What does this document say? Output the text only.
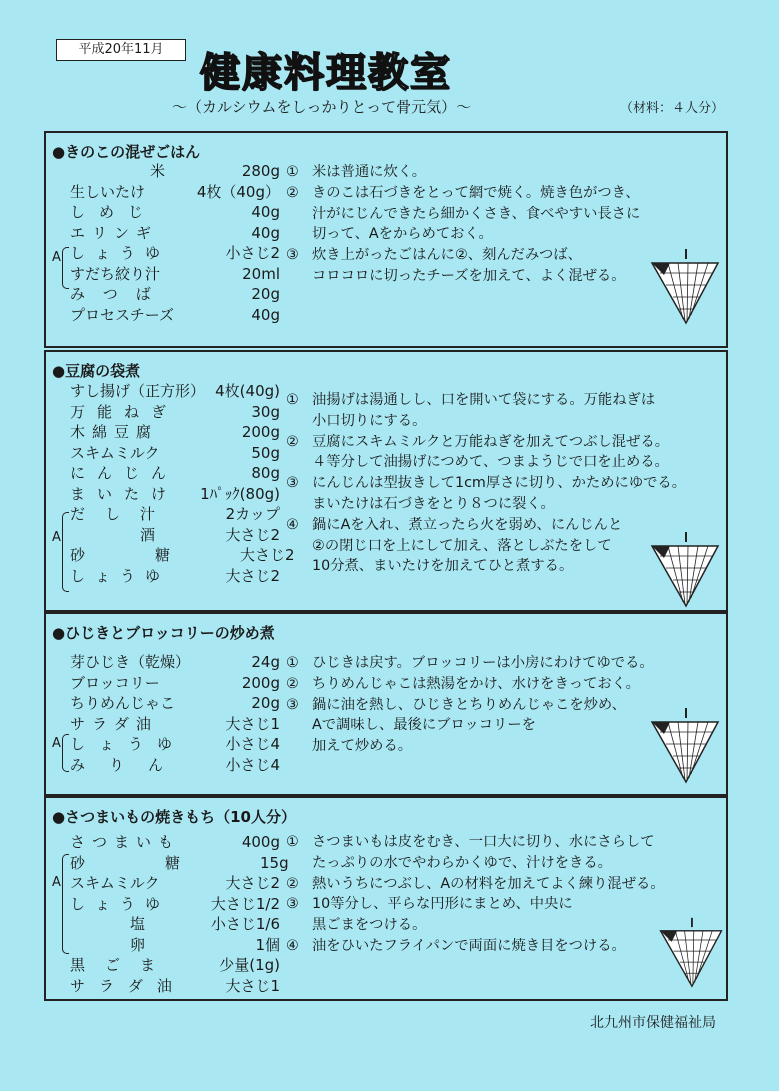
平成20年11月
健康料理教室
～（カルシウムをしっかりとって骨元気）～	（材料：４人分）
●きのこの混ぜごはん
米	280g
生しいたけ	4枚（40g）
しめじ	40g
エリンギ	40g
しょうゆ	小さじ2
すだち絞り汁	20ml
みつば	20g
プロセスチーズ	40g
A
① 米は普通に炊く。
② きのこは石づきをとって網で焼く。焼き色がつき、
汁がにじんできたら細かくさき、食べやすい長さに
切って、Aをからめておく。
③ 炊き上がったごはんに②、刻んだみつば、
コロコロに切ったチーズを加えて、よく混ぜる。
●豆腐の袋煮
すし揚げ（正方形） 4枚(40g)
万能ねぎ	30g
木綿豆腐	200g
スキムミルク	50g
にんじん	80g
まいたけ 1ﾊﾟｯｸ(80g)
だし汁	2カップ
酒	大さじ2
砂糖 大さじ2
しょうゆ	大さじ2
A
① 油揚げは湯通しし、口を開いて袋にする。万能ねぎは
小口切りにする。
② 豆腐にスキムミルクと万能ねぎを加えてつぶし混ぜる。
４等分して油揚げにつめて、つまようじで口を止める。
③ にんじんは型抜きして1cm厚さに切り、かためにゆでる。
まいたけは石づきをとり８つに裂く。
④ 鍋にAを入れ、煮立ったら火を弱め、にんじんと
②の閉じ口を上にして加え、落としぶたをして
10分煮、まいたけを加えてひと煮する。
●ひじきとブロッコリーの炒め煮
芽ひじき（乾燥）	24g
ブロッコリー	200g
ちりめんじゃこ	20g
サラダ油	大さじ1
しょうゆ	小さじ4
みりん	小さじ4
A
① ひじきは戻す。ブロッコリーは小房にわけてゆでる。
② ちりめんじゃこは熱湯をかけ、水けをきっておく。
③ 鍋に油を熱し、ひじきとちりめんじゃこを炒め、
Aで調味し、最後にブロッコリーを
加えて炒める。
●さつまいもの焼きもち（10人分）
さつまいも	400g
砂糖 15g
スキムミルク	大さじ2
しょうゆ	大さじ1/2
塩	小さじ1/6
卵	1個
黒ごま	少量(1g)
サラダ油	大さじ1
A
① さつまいもは皮をむき、一口大に切り、水にさらして
たっぷりの水でやわらかくゆで、汁けをきる。
② 熱いうちにつぶし、Aの材料を加えてよく練り混ぜる。
③ 10等分し、平らな円形にまとめ、中央に
黒ごまをつける。
④ 油をひいたフライパンで両面に焼き目をつける。
北九州市保健福祉局
